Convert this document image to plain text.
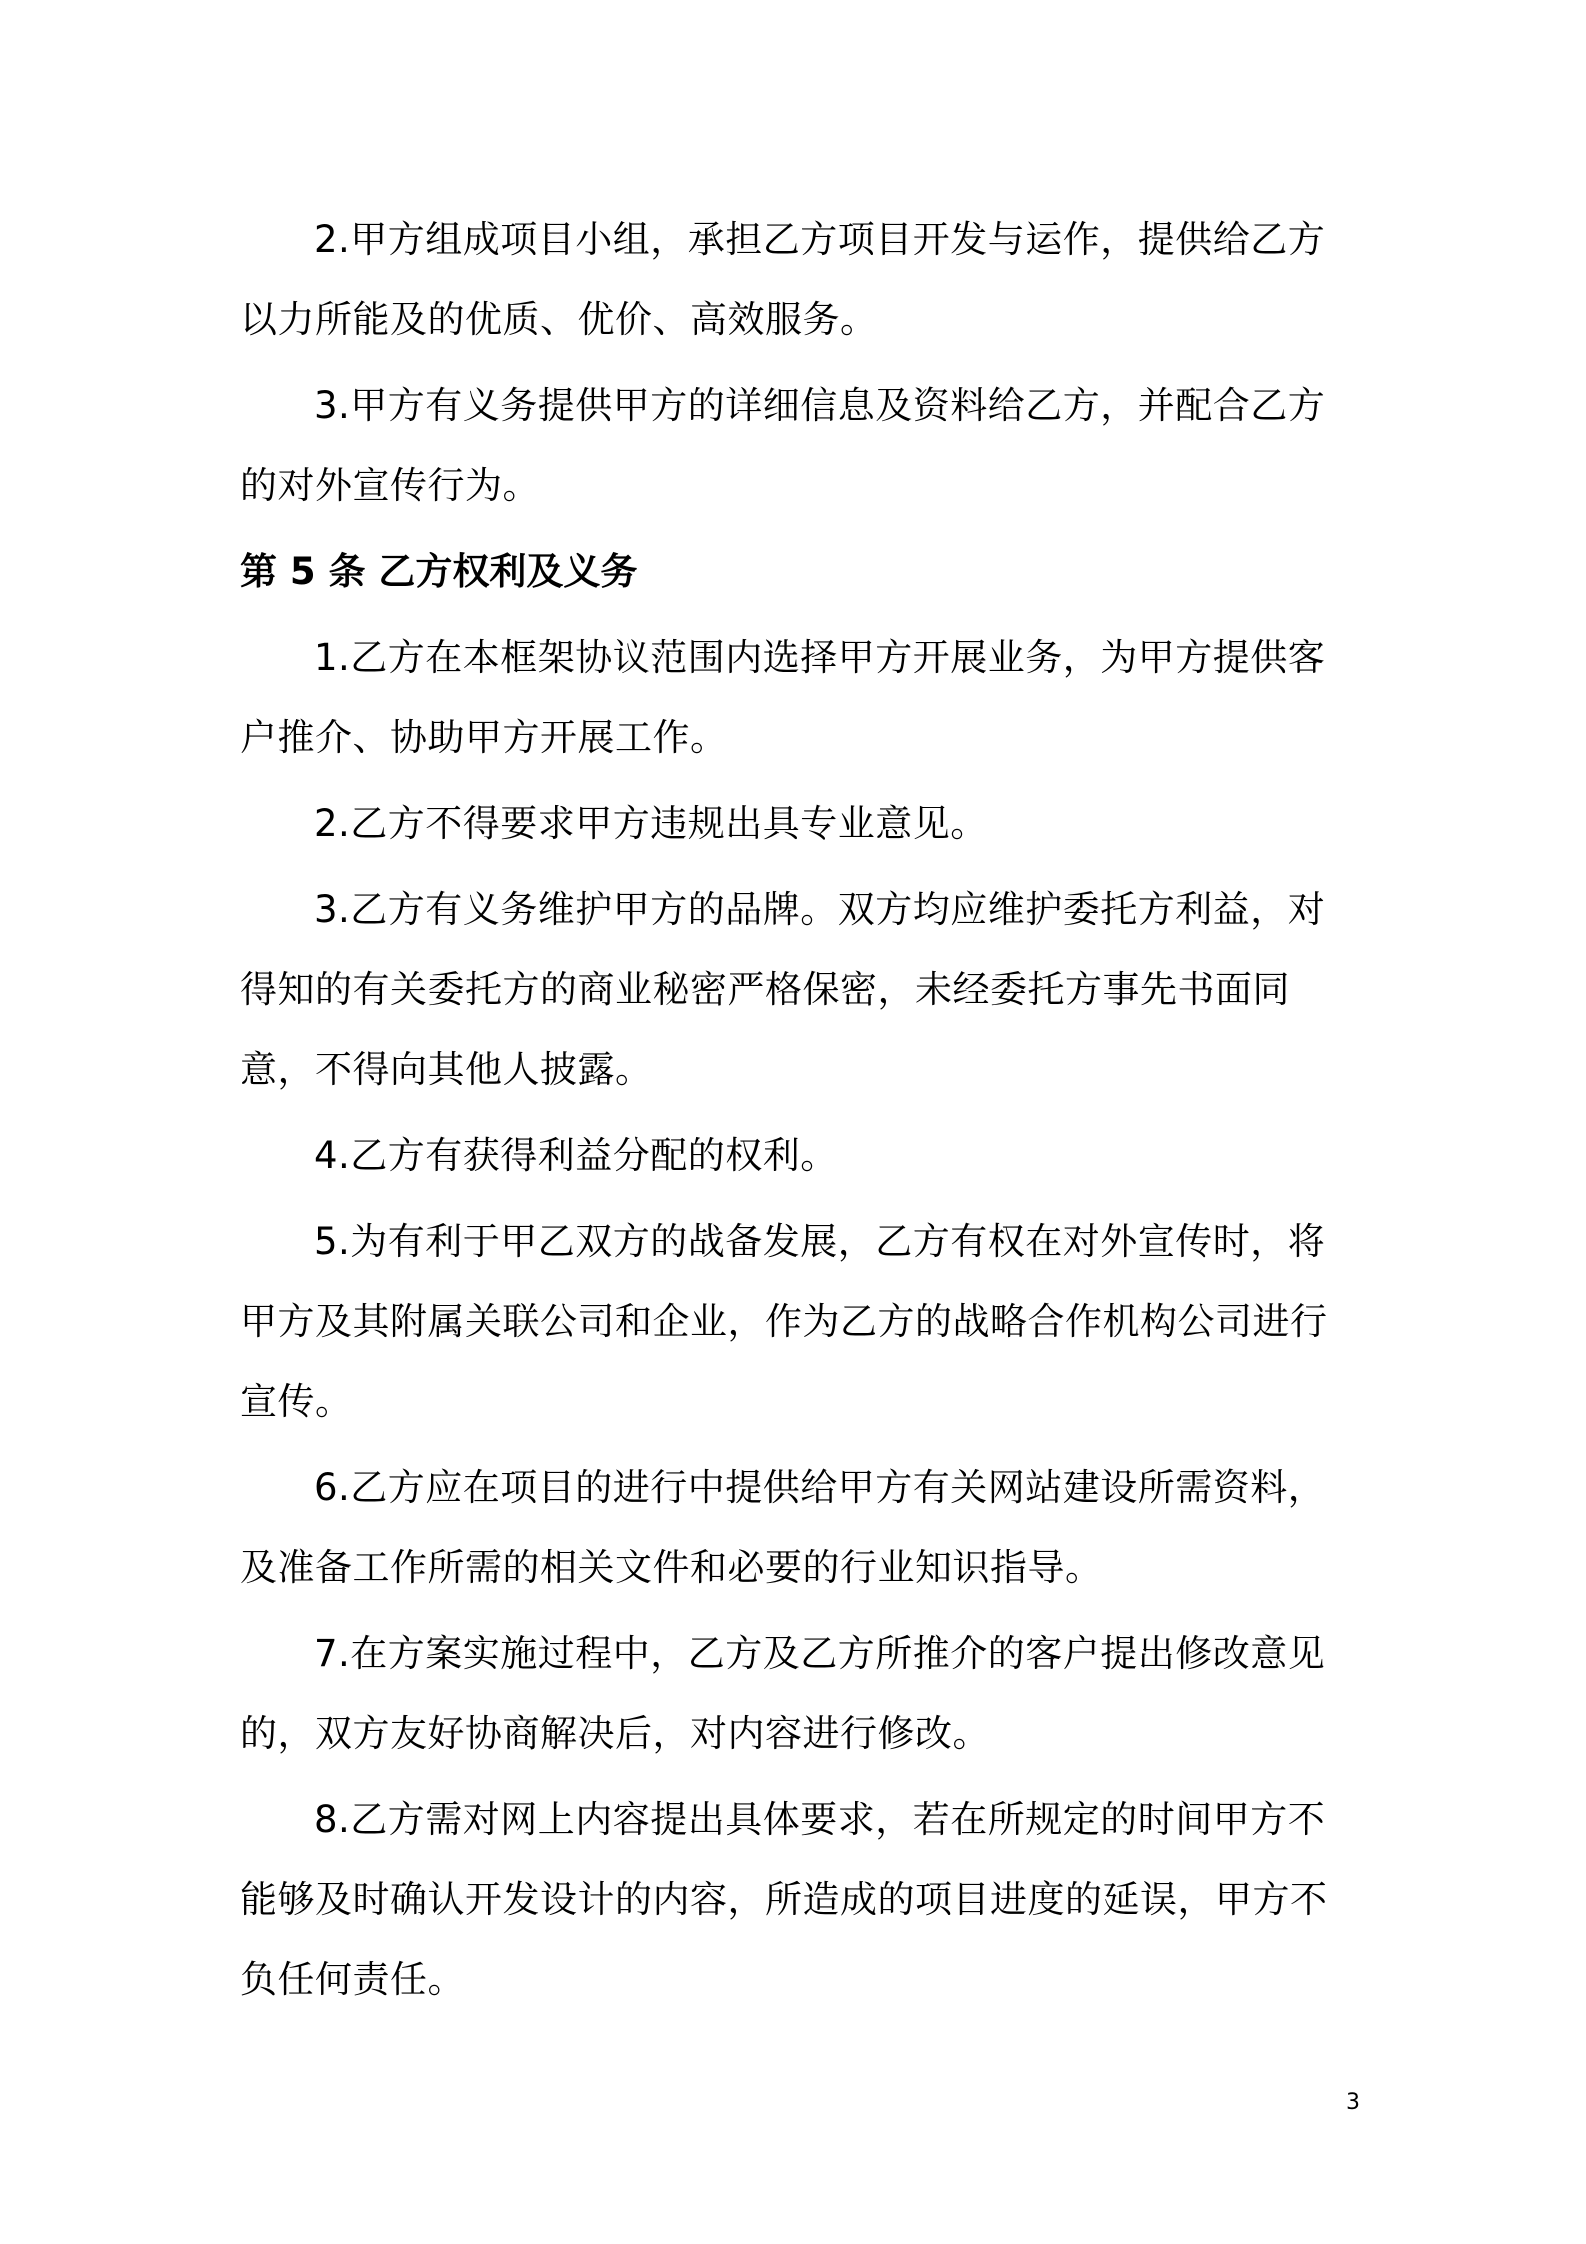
2.甲方组成项目小组，承担乙方项目开发与运作，提供给乙方以力所能及的优质、优价、高效服务。

3.甲方有义务提供甲方的详细信息及资料给乙方，并配合乙方的对外宣传行为。

第 5 条 乙方权利及义务

1.乙方在本框架协议范围内选择甲方开展业务，为甲方提供客户推介、协助甲方开展工作。

2.乙方不得要求甲方违规出具专业意见。

3.乙方有义务维护甲方的品牌。双方均应维护委托方利益，对得知的有关委托方的商业秘密严格保密，未经委托方事先书面同意，不得向其他人披露。

4.乙方有获得利益分配的权利。

5.为有利于甲乙双方的战备发展，乙方有权在对外宣传时，将甲方及其附属关联公司和企业，作为乙方的战略合作机构公司进行宣传。

6.乙方应在项目的进行中提供给甲方有关网站建设所需资料，及准备工作所需的相关文件和必要的行业知识指导。

7.在方案实施过程中，乙方及乙方所推介的客户提出修改意见的，双方友好协商解决后，对内容进行修改。

8.乙方需对网上内容提出具体要求，若在所规定的时间甲方不能够及时确认开发设计的内容，所造成的项目进度的延误，甲方不负任何责任。

3
